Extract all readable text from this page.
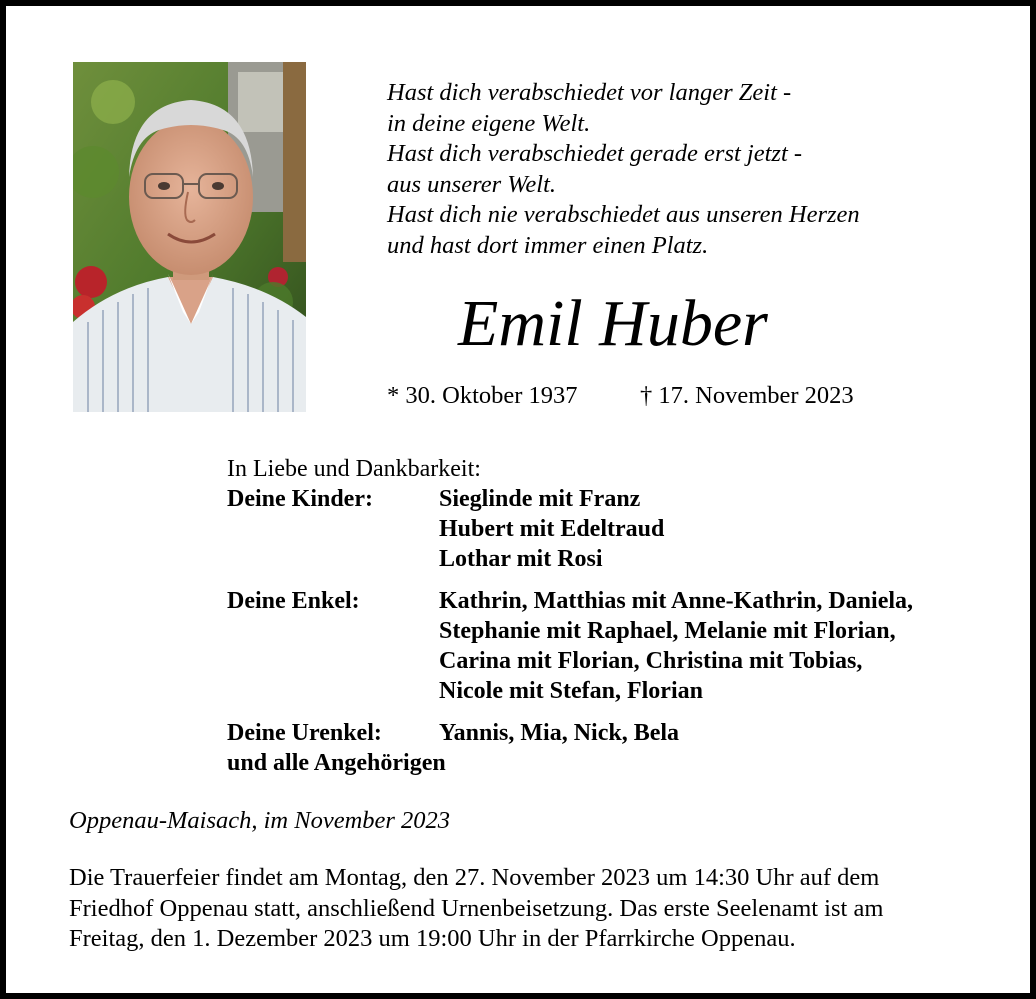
Hast dich verabschiedet vor langer Zeit -
in deine eigene Welt.
Hast dich verabschiedet gerade erst jetzt -
aus unserer Welt.
Hast dich nie verabschiedet aus unseren Herzen
und hast dort immer einen Platz.
Emil Huber
* 30. Oktober 1937	† 17. November 2023
In Liebe und Dankbarkeit:
Deine Kinder:	Sieglinde mit Franz
Hubert mit Edeltraud
Lothar mit Rosi
Deine Enkel:	Kathrin, Matthias mit Anne-Kathrin, Daniela,
Stephanie mit Raphael, Melanie mit Florian,
Carina mit Florian, Christina mit Tobias,
Nicole mit Stefan, Florian
Deine Urenkel: Yannis, Mia, Nick, Bela
und alle Angehörigen
Oppenau-Maisach, im November 2023
Die Trauerfeier findet am Montag, den 27. November 2023 um 14:30 Uhr auf dem
Friedhof Oppenau statt, anschließend Urnenbeisetzung. Das erste Seelenamt ist am
Freitag, den 1. Dezember 2023 um 19:00 Uhr in der Pfarrkirche Oppenau.
